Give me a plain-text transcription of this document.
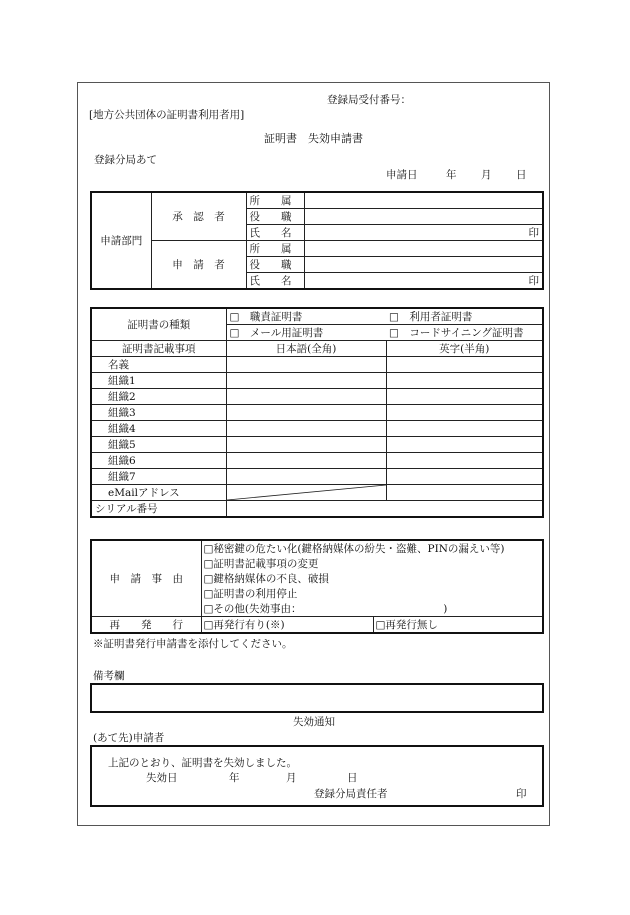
登録局受付番号：
[地方公共団体の証明書利用者用]
証明書　失効申請書
登録分局あて
申請日	年 月 日
申請部門	承　認　者	所　　属	
		役　　職	
		氏　　名	印
	申　請　者	所　　属	
		役　　職	
		氏　　名	印
証明書の種類	□　職責証明書	□　利用者証明書
	□　メール用証明書	□　コードサイニング証明書
証明書記載事項	日本語(全角)	英字(半角)
名義		
組織1		
組織2		
組織3		
組織4		
組織5		
組織6		
組織7		
eMailアドレス	

シリアル番号		
申　請　事　由	□秘密鍵の危たい化(鍵格納媒体の紛失・盗難、PINの漏えい等)	
	□証明書記載事項の変更	
	□鍵格納媒体の不良、破損	
	□証明書の利用停止	
	□その他(失効事由：　　　　　　　　　　　　　　)	
再　　発　　行	□再発行有り(※)	□再発行無し
※証明書発行申請書を添付してください。
備考欄
失効通知
(あて先)申請者
上記のとおり、証明書を失効しました。
失効日	年	月	日
登録分局責任者	印
